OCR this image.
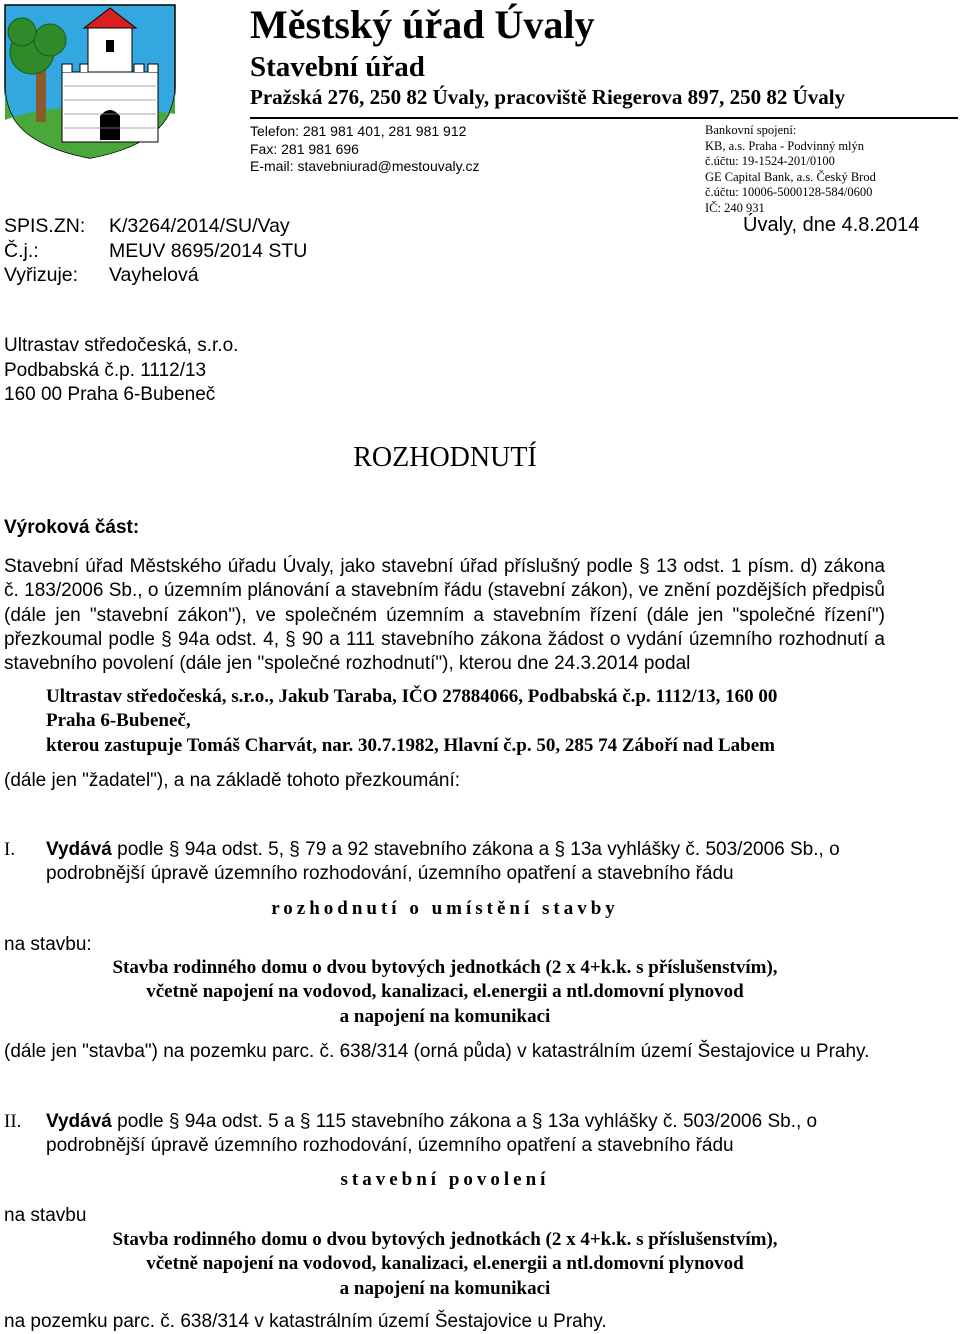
Městský úřad Úvaly
Stavební úřad
Pražská 276, 250 82 Úvaly, pracoviště Riegerova 897, 250 82 Úvaly
Telefon: 281 981 401, 281 981 912
Fax: 281 981 696
E-mail: stavebniurad@mestouvaly.cz
Bankovní spojení:
KB, a.s. Praha - Podvinný mlýn
č.účtu: 19-1524-201/0100
GE Capital Bank, a.s. Český Brod
č.účtu: 10006-5000128-584/0600
IČ: 240 931
SPIS.ZN: K/3264/2014/SU/Vay
Č.j.:	MEUV 8695/2014 STU
Vyřizuje: Vayhelová
Úvaly, dne 4.8.2014
Ultrastav středočeská, s.r.o.
Podbabská č.p. 1112/13
160 00 Praha 6-Bubeneč
ROZHODNUTÍ
Výroková část:
Stavební úřad Městského úřadu Úvaly, jako stavební úřad příslušný podle § 13 odst. 1 písm. d) zákona č. 183/2006 Sb., o územním plánování a stavebním řádu (stavební zákon), ve znění pozdějších předpisů (dále jen "stavební zákon"), ve společném územním a stavebním řízení (dále jen "společné řízení") přezkoumal podle § 94a odst. 4, § 90 a 111 stavebního zákona žádost o vydání územního rozhodnutí a stavebního povolení (dále jen "společné rozhodnutí"), kterou dne 24.3.2014 podal
Ultrastav středočeská, s.r.o., Jakub Taraba, IČO 27884066, Podbabská č.p. 1112/13, 160 00
Praha 6-Bubeneč,
kterou zastupuje Tomáš Charvát, nar. 30.7.1982, Hlavní č.p. 50, 285 74 Záboří nad Labem
(dále jen "žadatel"), a na základě tohoto přezkoumání:
I. Vydává podle § 94a odst. 5, § 79 a 92 stavebního zákona a § 13a vyhlášky č. 503/2006 Sb., o
podrobnější úpravě územního rozhodování, územního opatření a stavebního řádu
rozhodnutí o umístění stavby
na stavbu:
Stavba rodinného domu o dvou bytových jednotkách (2 x 4+k.k. s příslušenstvím),
včetně napojení na vodovod, kanalizaci, el.energii a ntl.domovní plynovod
a napojení na komunikaci
(dále jen "stavba") na pozemku parc. č. 638/314 (orná půda) v katastrálním území Šestajovice u Prahy.
II. Vydává podle § 94a odst. 5 a § 115 stavebního zákona a § 13a vyhlášky č. 503/2006 Sb., o
podrobnější úpravě územního rozhodování, územního opatření a stavebního řádu
stavební povolení
na stavbu
Stavba rodinného domu o dvou bytových jednotkách (2 x 4+k.k. s příslušenstvím),
včetně napojení na vodovod, kanalizaci, el.energii a ntl.domovní plynovod
a napojení na komunikaci
na pozemku parc. č. 638/314 v katastrálním území Šestajovice u Prahy.
